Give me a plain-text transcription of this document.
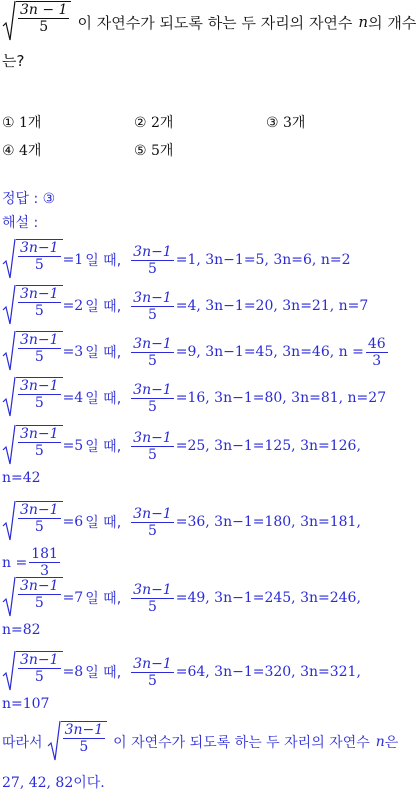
$\frac{3n - 1}{5}$ 이 자연수가 되도록 하는 두 자리의 자연수 n 의 개수
는?
① 1개	② 2개	③ 3개
④ 4개	⑤ 5개
정답 : ③
해설 :
$\frac{3n-1}{5} =1$ 일 때, $\frac{3n-1}{5} =1$, 3n−1=5, 3n=6, n=2
$\frac{3n-1}{5} =2$ 일 때, $\frac{3n-1}{5} =4$, 3n−1=20, 3n=21, n=7
$\frac{3n-1}{5} =3$ 일 때, $\frac{3n-1}{5} =9$, 3n−1=45, 3n=46, $n = \frac{46}{3}$
$\frac{3n-1}{5} =4$ 일 때, $\frac{3n-1}{5} =16$, 3n−1=80, 3n=81, n=27
$\frac{3n-1}{5} =5$ 일 때, $\frac{3n-1}{5} =25$, 3n−1=125, 3n=126,
n=42
$\frac{3n-1}{5} =6$ 일 때, $\frac{3n-1}{5} =36$, 3n−1=180, 3n=181,
$n = \frac{181}{3}$
$\frac{3n-1}{5} =7$ 일 때, $\frac{3n-1}{5} =49$, 3n−1=245, 3n=246,
n=82
$\frac{3n-1}{5} =8$ 일 때, $\frac{3n-1}{5} =64$, 3n−1=320, 3n=321,
n=107
따라서 $\frac{3n-1}{5}$ 이 자연수가 되도록 하는 두 자리의 자연수 n 은
27, 42, 82이다.
